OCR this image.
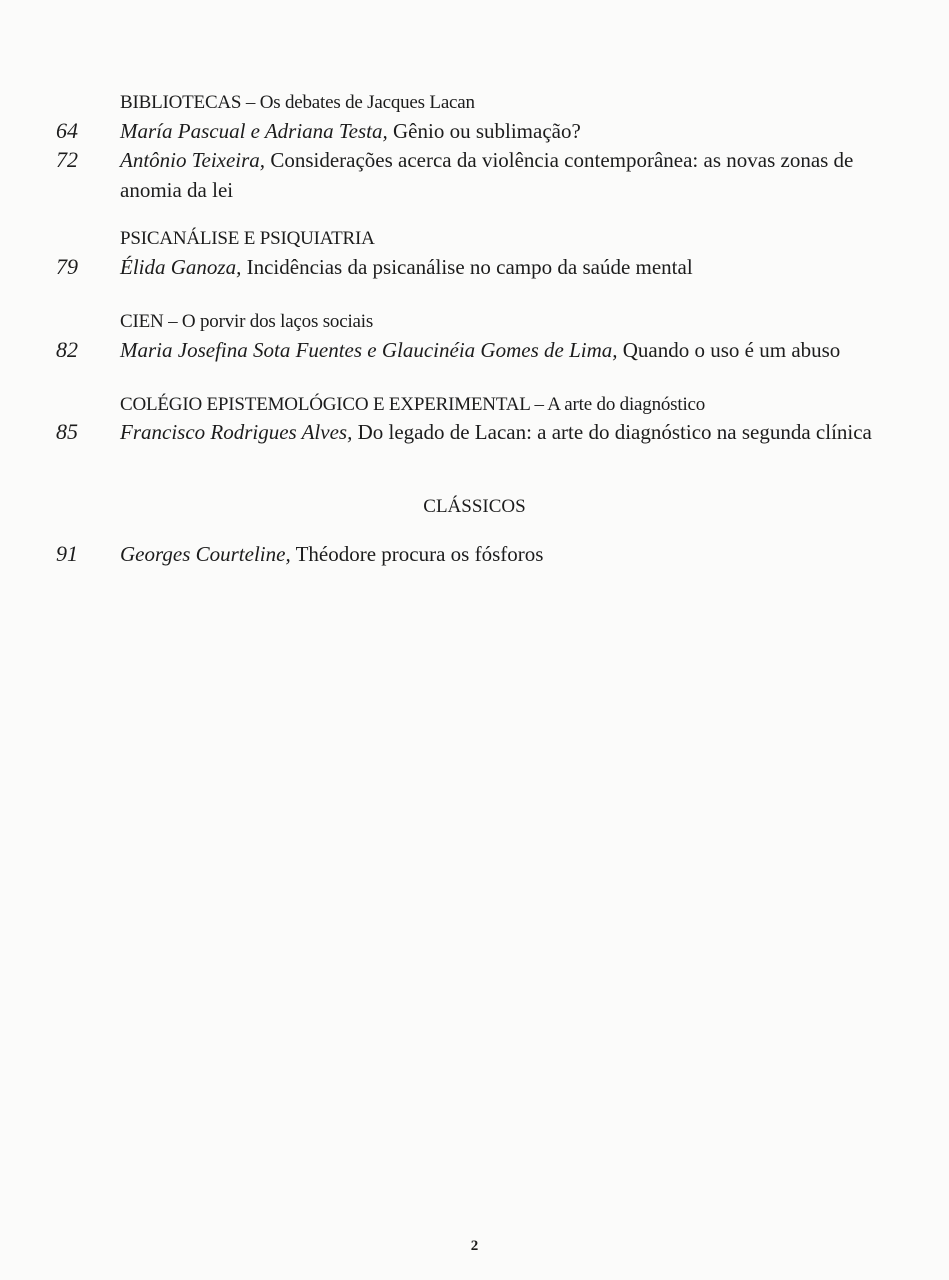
BIBLIOTECAS – Os debates de Jacques Lacan
64	María Pascual e Adriana Testa, Gênio ou sublimação?
72	Antônio Teixeira, Considerações acerca da violência contemporânea: as novas zonas de anomia da lei
PSICANÁLISE E PSIQUIATRIA
79	Élida Ganoza, Incidências da psicanálise no campo da saúde mental
CIEN – O porvir dos laços sociais
82	Maria Josefina Sota Fuentes e Glaucinéia Gomes de Lima, Quando o uso é um abuso
COLÉGIO EPISTEMOLÓGICO E EXPERIMENTAL – A arte do diagnóstico
85	Francisco Rodrigues Alves, Do legado de Lacan: a arte do diagnóstico na segunda clínica
CLÁSSICOS
91	Georges Courteline, Théodore procura os fósforos
2
